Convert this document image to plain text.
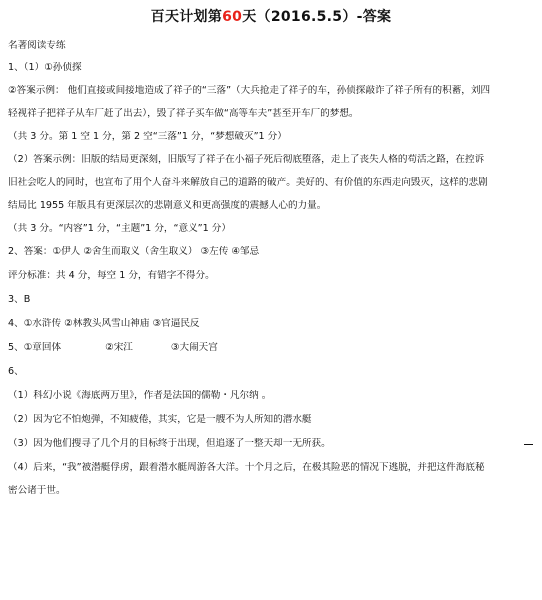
百天计划第60天（2016.5.5）-答案
名著阅读专练
1、（1）①孙侦探
②答案示例： 他们直接或间接地造成了祥子的“三落”（大兵抢走了祥子的车，孙侦探敲诈了祥子所有的积蓄，刘四
轻视祥子把祥子从车厂赶了出去），毁了祥子买车做“高等车夫”甚至开车厂的梦想。
（共 3 分。第 1 空 1 分，第 2 空“三落”1 分，“梦想破灭”1 分）
（2）答案示例：旧版的结局更深刻，旧版写了祥子在小福子死后彻底堕落，走上了丧失人格的苟活之路，在控诉
旧社会吃人的同时，也宣布了用个人奋斗来解放自己的道路的破产。美好的、有价值的东西走向毁灭，这样的悲剧
结局比 1955 年版具有更深层次的悲剧意义和更高强度的震撼人心的力量。
（共 3 分。“内容”1 分，“主题”1 分，“意义”1 分）
2、答案：①伊人 ②舍生而取义（舍生取义） ③左传 ④邹忌
评分标准：共 4 分，每空 1 分，有错字不得分。
3、B
4、①水浒传 ②林教头风雪山神庙 ③官逼民反
5、①章回体	②宋江	③大闹天宫
6、
（1）科幻小说《海底两万里》，作者是法国的儒勒・凡尔纳 。
（2）因为它不怕炮弹，不知疲倦，其实，它是一艘不为人所知的潜水艇
（3）因为他们搜寻了几个月的目标终于出现，但追逐了一整天却一无所获。
（4）后来，“我”被潜艇俘虏，跟着潜水艇周游各大洋。十个月之后，在极其险恶的情况下逃脱，并把这件海底秘
密公诸于世。
